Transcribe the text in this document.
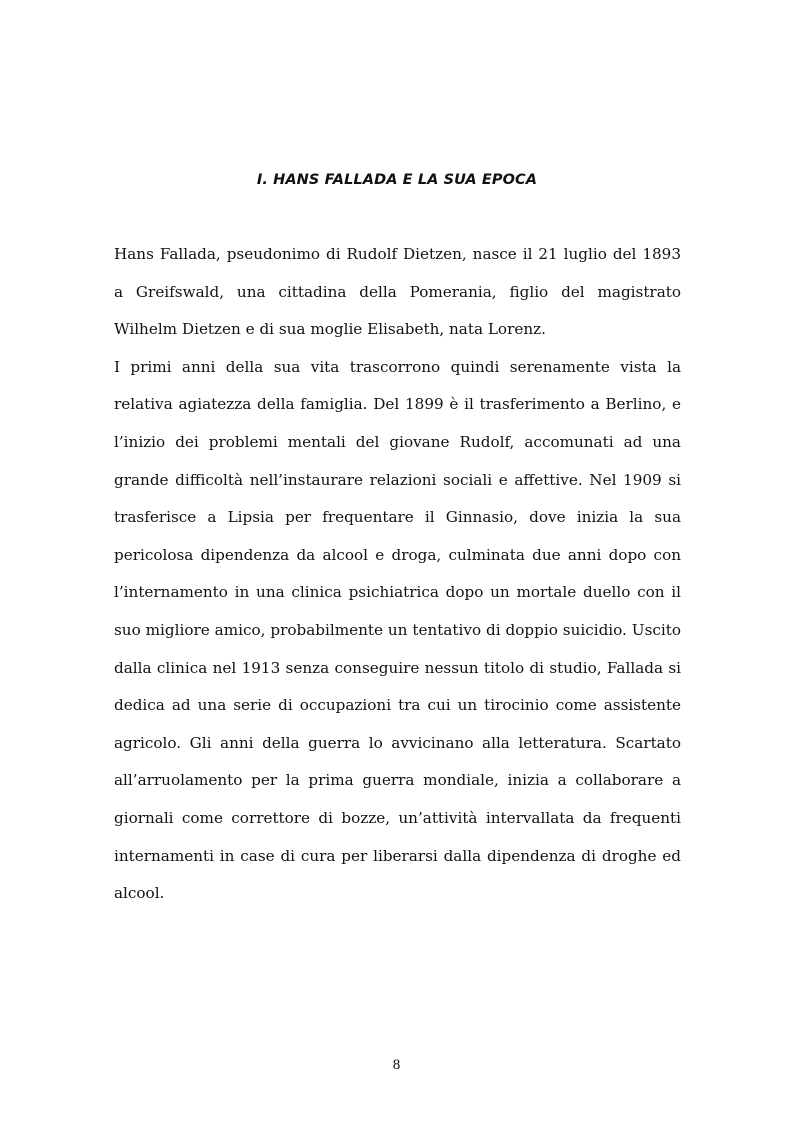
I. HANS FALLADA E LA SUA EPOCA

Hans Fallada, pseudonimo di Rudolf Dietzen, nasce il 21 luglio del 1893 a Greifswald, una cittadina della Pomerania, figlio del magistrato Wilhelm Dietzen e di sua moglie Elisabeth, nata Lorenz.

I primi anni della sua vita trascorrono quindi serenamente vista la relativa agiatezza della famiglia. Del 1899 è il trasferimento a Berlino, e l’inizio dei problemi mentali del giovane Rudolf, accomunati ad una grande difficoltà nell’instaurare relazioni sociali e affettive. Nel 1909 si trasferisce a Lipsia per frequentare il Ginnasio, dove inizia la sua pericolosa dipendenza da alcool e droga, culminata due anni dopo con l’internamento in una clinica psichiatrica dopo un mortale duello con il suo migliore amico, probabilmente un tentativo di doppio suicidio. Uscito dalla clinica nel 1913 senza conseguire nessun titolo di studio, Fallada si dedica ad una serie di occupazioni tra cui un tirocinio come assistente agricolo. Gli anni della guerra lo avvicinano alla letteratura. Scartato all’arruolamento per la prima guerra mondiale, inizia a collaborare a giornali come correttore di bozze, un’attività intervallata da frequenti internamenti in case di cura per liberarsi dalla dipendenza di droghe ed alcool.

8
